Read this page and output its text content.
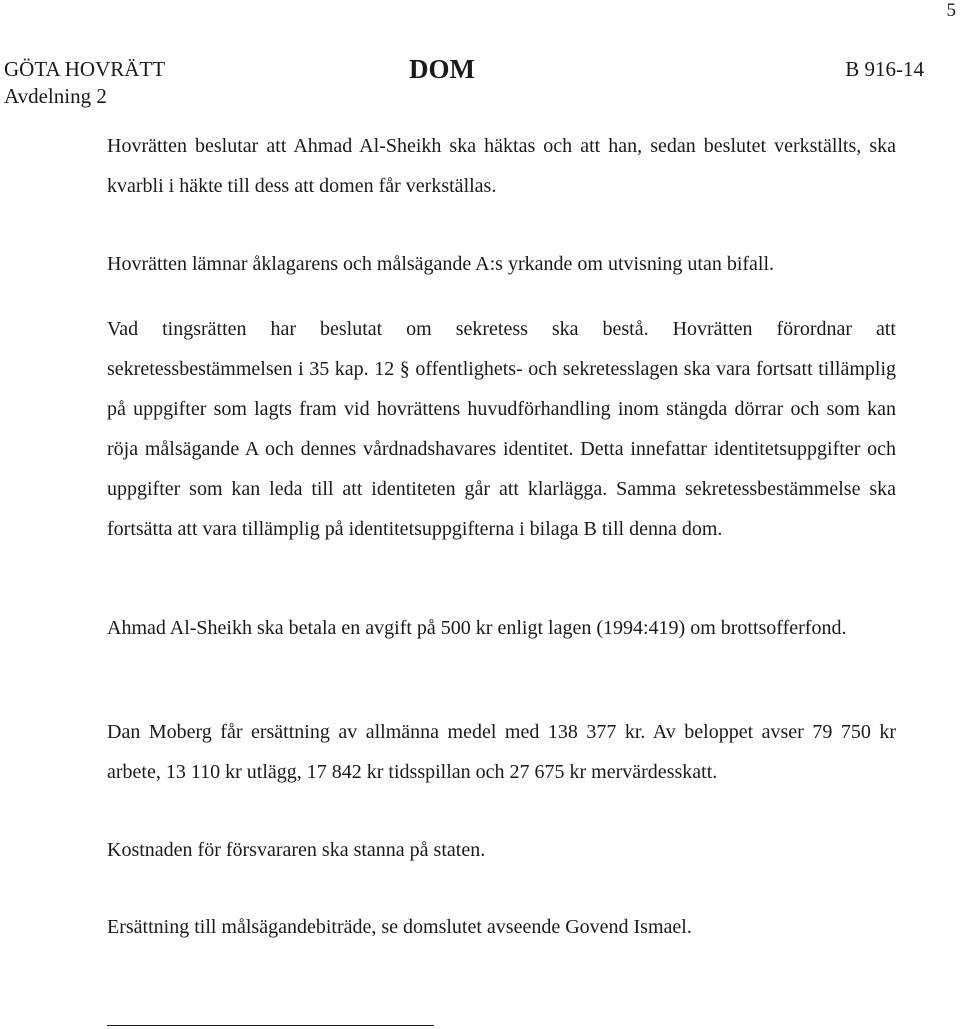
5
GÖTA HOVRÄTT
Avdelning 2
DOM	B 916-14

Hovrätten beslutar att Ahmad Al-Sheikh ska häktas och att han, sedan beslutet verkställts, ska kvarbli i häkte till dess att domen får verkställas.

Hovrätten lämnar åklagarens och målsägande A:s yrkande om utvisning utan bifall.

Vad tingsrätten har beslutat om sekretess ska bestå. Hovrätten förordnar att sekretessbestämmelsen i 35 kap. 12 § offentlighets- och sekretesslagen ska vara fortsatt tillämplig på uppgifter som lagts fram vid hovrättens huvudförhandling inom stängda dörrar och som kan röja målsägande A och dennes vårdnadshavares identitet. Detta innefattar identitetsuppgifter och uppgifter som kan leda till att identiteten går att klarlägga. Samma sekretessbestämmelse ska fortsätta att vara tillämplig på identitetsuppgifterna i bilaga B till denna dom.

Ahmad Al-Sheikh ska betala en avgift på 500 kr enligt lagen (1994:419) om brottsofferfond.

Dan Moberg får ersättning av allmänna medel med 138 377 kr. Av beloppet avser 79 750 kr arbete, 13 110 kr utlägg, 17 842 kr tidsspillan och 27 675 kr mervärdesskatt.

Kostnaden för försvararen ska stanna på staten.

Ersättning till målsägandebiträde, se domslutet avseende Govend Ismael.
